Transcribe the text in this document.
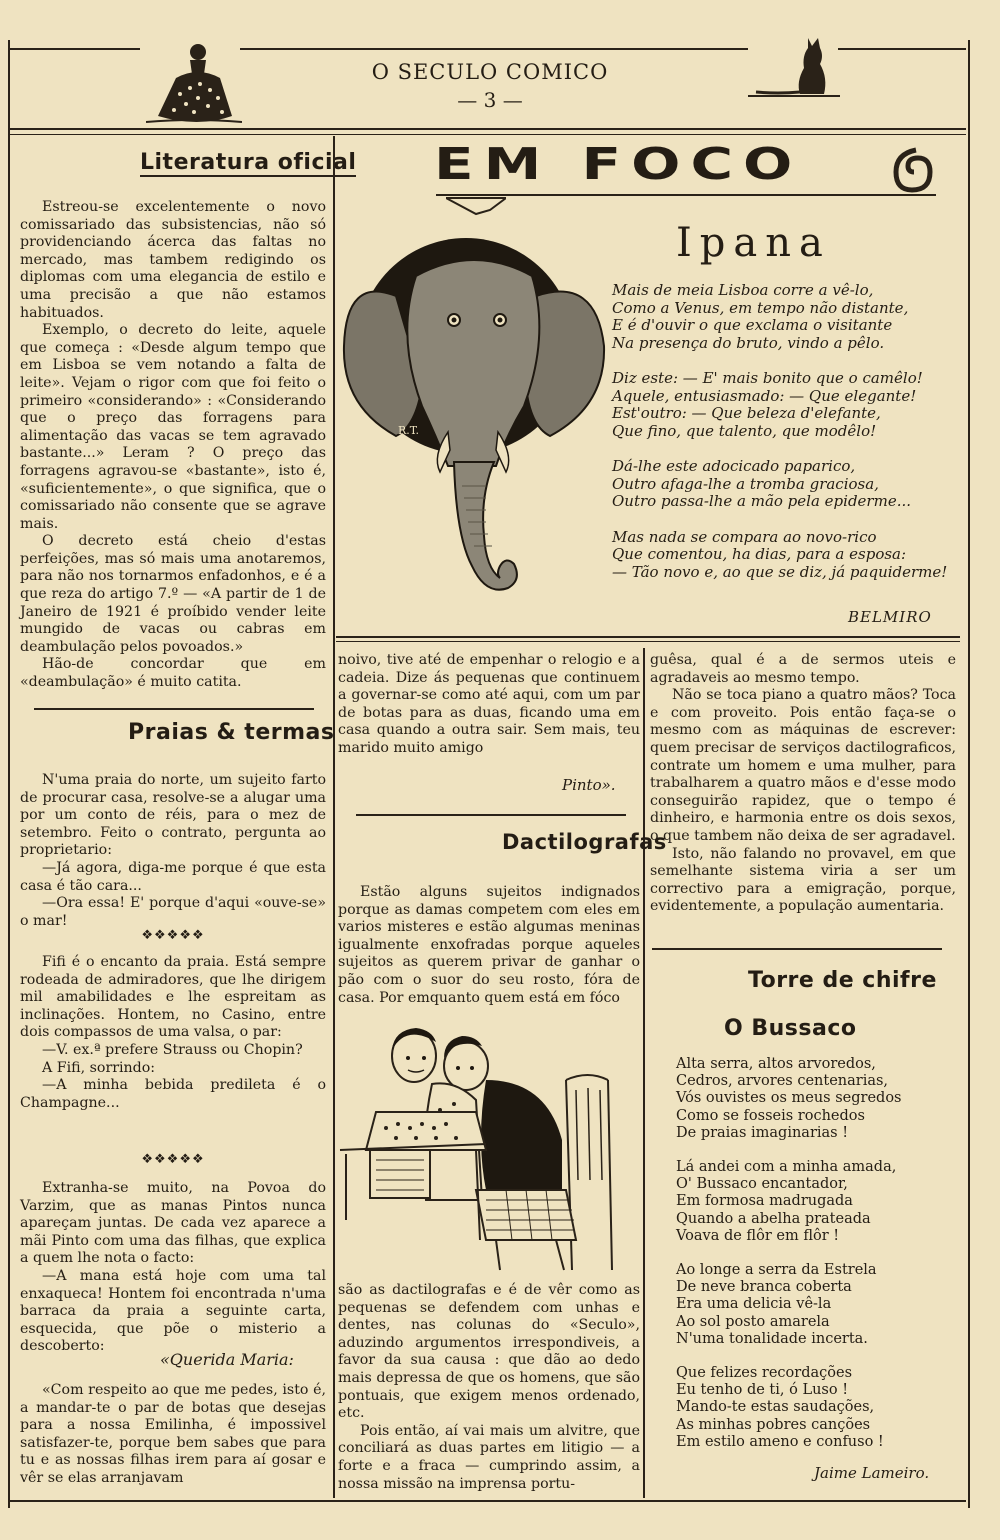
O SECULO COMICO
— 3 —
Literatura oficial

Estreou-se excelentemente o novo comissariado das subsistencias, não só providenciando ácerca das faltas no mercado, mas tambem redigindo os diplomas com uma elegancia de estilo e uma precisão a que não estamos habituados.

Exemplo, o decreto do leite, aquele que começa : «Desde algum tempo que em Lisboa se vem notando a falta de leite». Vejam o rigor com que foi feito o primeiro «considerando» : «Considerando que o preço das forragens para alimentação das vacas se tem agravado bastante...» Leram ? O preço das forragens agravou-se «bastante», isto é, «suficientemente», o que significa, que o comissariado não consente que se agrave mais.

O decreto está cheio d'estas perfeições, mas só mais uma anotaremos, para não nos tornarmos enfadonhos, e é a que reza do artigo 7.º — «A partir de 1 de Janeiro de 1921 é proíbido vender leite mungido de vacas ou cabras em deambulação pelos povoados.»

Hão-de concordar que em «deambulação» é muito catita.

Praias & termas

N'uma praia do norte, um sujeito farto de procurar casa, resolve-se a alugar uma por um conto de réis, para o mez de setembro. Feito o contrato, pergunta ao proprietario:

—Já agora, diga-me porque é que esta casa é tão cara...

—Ora essa! E' porque d'aqui «ouve-se» o mar!

❖❖❖❖❖

Fifi é o encanto da praia. Está sempre rodeada de admiradores, que lhe dirigem mil amabilidades e lhe espreitam as inclinações. Hontem, no Casino, entre dois compassos de uma valsa, o par:

—V. ex.ª prefere Strauss ou Chopin?

A Fifi, sorrindo:

—A minha bebida predileta é o Champagne...

❖❖❖❖❖

Extranha-se muito, na Povoa do Varzim, que as manas Pintos nunca apareçam juntas. De cada vez aparece a mãi Pinto com uma das filhas, que explica a quem lhe nota o facto:

—A mana está hoje com uma tal enxaqueca! Hontem foi encontrada n'uma barraca da praia a seguinte carta, esquecida, que põe o misterio a descoberto:

«Querida Maria:

«Com respeito ao que me pedes, isto é, a mandar-te o par de botas que desejas para a nossa Emilinha, é impossivel satisfazer-te, porque bem sabes que para tu e as nossas filhas irem para aí gosar e vêr se elas arranjavam

EM FOCO
R.T.
Ipana
Mais de meia Lisboa corre a vê-lo,
Como a Venus, em tempo não distante,
E é d'ouvir o que exclama o visitante
Na presença do bruto, vindo a pêlo.
Diz este: — E' mais bonito que o camêlo!
Aquele, entusiasmado: — Que elegante!
Est'outro: — Que beleza d'elefante,
Que fino, que talento, que modêlo!
Dá-lhe este adocicado paparico,
Outro afaga-lhe a tromba graciosa,
Outro passa-lhe a mão pela epiderme...
Mas nada se compara ao novo-rico
Que comentou, ha dias, para a esposa:
— Tão novo e, ao que se diz, já paquiderme!
BELMIRO

noivo, tive até de empenhar o relogio e a cadeia. Dize ás pequenas que continuem a governar-se como até aqui, com um par de botas para as duas, ficando uma em casa quando a outra sair. Sem mais, teu marido muito amigo

Pinto».
Dactilografas

Estão alguns sujeitos indignados porque as damas competem com eles em varios misteres e estão algumas meninas igualmente enxofradas porque aqueles sujeitos as querem privar de ganhar o pão com o suor do seu rosto, fóra de casa. Por emquanto quem está em fóco

são as dactilografas e é de vêr como as pequenas se defendem com unhas e dentes, nas colunas do «Seculo», aduzindo argumentos irrespondiveis, a favor da sua causa : que dão ao dedo mais depressa de que os homens, que são pontuais, que exigem menos ordenado, etc.

Pois então, aí vai mais um alvitre, que conciliará as duas partes em litigio — a forte e a fraca — cumprindo assim, a nossa missão na imprensa portu-

guêsa, qual é a de sermos uteis e agradaveis ao mesmo tempo.

Não se toca piano a quatro mãos? Toca e com proveito. Pois então faça-se o mesmo com as máquinas de escrever: quem precisar de serviços dactilograficos, contrate um homem e uma mulher, para trabalharem a quatro mãos e d'esse modo conseguirão rapidez, que o tempo é dinheiro, e harmonia entre os dois sexos, o que tambem não deixa de ser agradavel.

Isto, não falando no provavel, em que semelhante sistema viria a ser um correctivo para a emigração, porque, evidentemente, a população aumentaria.

Torre de chifre
O Bussaco
Alta serra, altos arvoredos,
Cedros, arvores centenarias,
Vós ouvistes os meus segredos
Como se fosseis rochedos
De praias imaginarias !
Lá andei com a minha amada,
O' Bussaco encantador,
Em formosa madrugada
Quando a abelha prateada
Voava de flôr em flôr !
Ao longe a serra da Estrela
De neve branca coberta
Era uma delicia vê-la
Ao sol posto amarela
N'uma tonalidade incerta.
Que felizes recordações
Eu tenho de ti, ó Luso !
Mando-te estas saudações,
As minhas pobres canções
Em estilo ameno e confuso !
Jaime Lameiro.
